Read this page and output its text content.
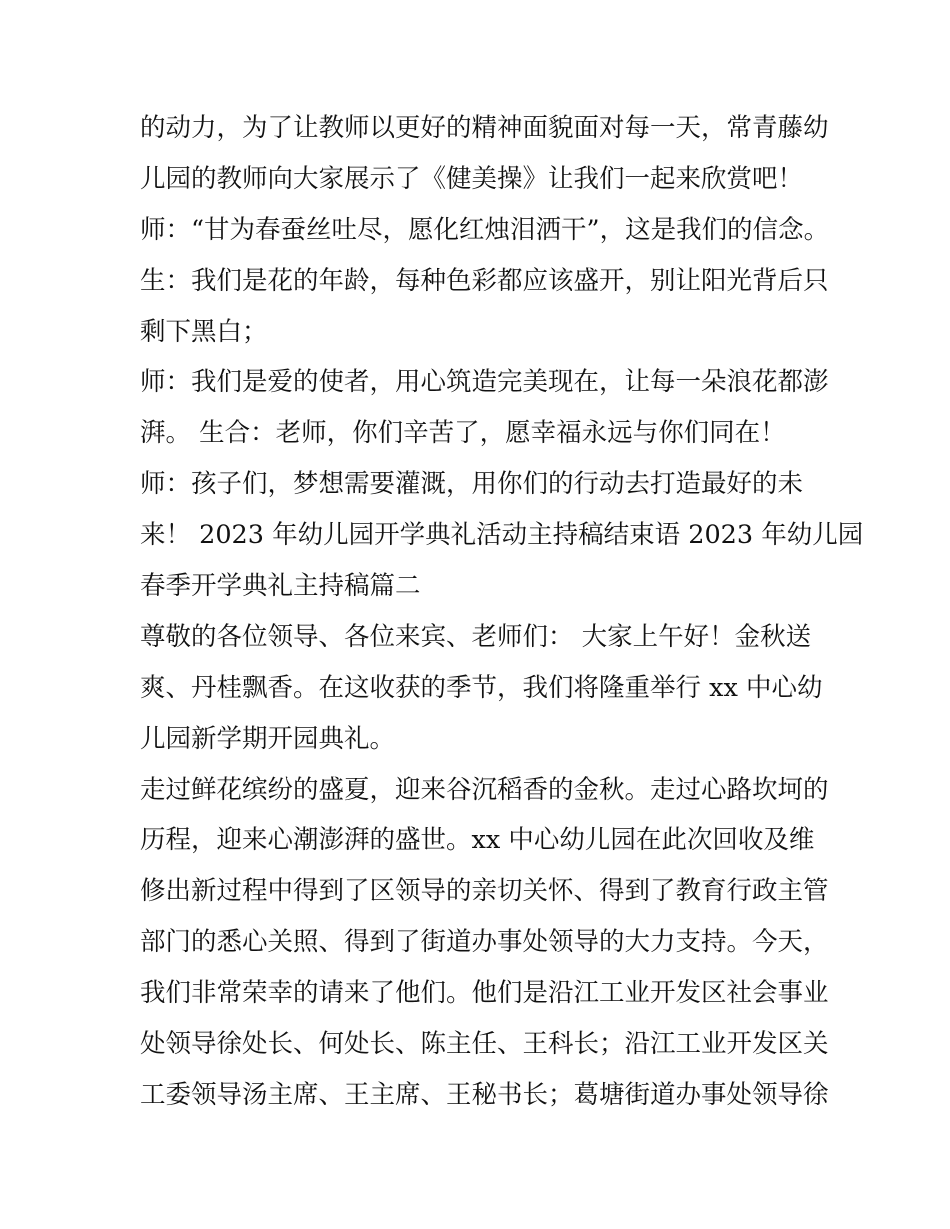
的动力，为了让教师以更好的精神面貌面对每一天，常青藤幼
儿园的教师向大家展示了《健美操》让我们一起来欣赏吧！
师：“甘为春蚕丝吐尽，愿化红烛泪洒干”，这是我们的信念。
生：我们是花的年龄，每种色彩都应该盛开，别让阳光背后只
剩下黑白；
师：我们是爱的使者，用心筑造完美现在，让每一朵浪花都澎
湃。 生合：老师，你们辛苦了，愿幸福永远与你们同在！
师：孩子们，梦想需要灌溉，用你们的行动去打造最好的未
来！ 2023 年幼儿园开学典礼活动主持稿结束语 2023 年幼儿园
春季开学典礼主持稿篇二
尊敬的各位领导、各位来宾、老师们： 大家上午好！金秋送
爽、丹桂飘香。在这收获的季节，我们将隆重举行 xx 中心幼
儿园新学期开园典礼。
走过鲜花缤纷的盛夏，迎来谷沉稻香的金秋。走过心路坎坷的
历程，迎来心潮澎湃的盛世。xx 中心幼儿园在此次回收及维
修出新过程中得到了区领导的亲切关怀、得到了教育行政主管
部门的悉心关照、得到了街道办事处领导的大力支持。今天，
我们非常荣幸的请来了他们。他们是沿江工业开发区社会事业
处领导徐处长、何处长、陈主任、王科长；沿江工业开发区关
工委领导汤主席、王主席、王秘书长；葛塘街道办事处领导徐
